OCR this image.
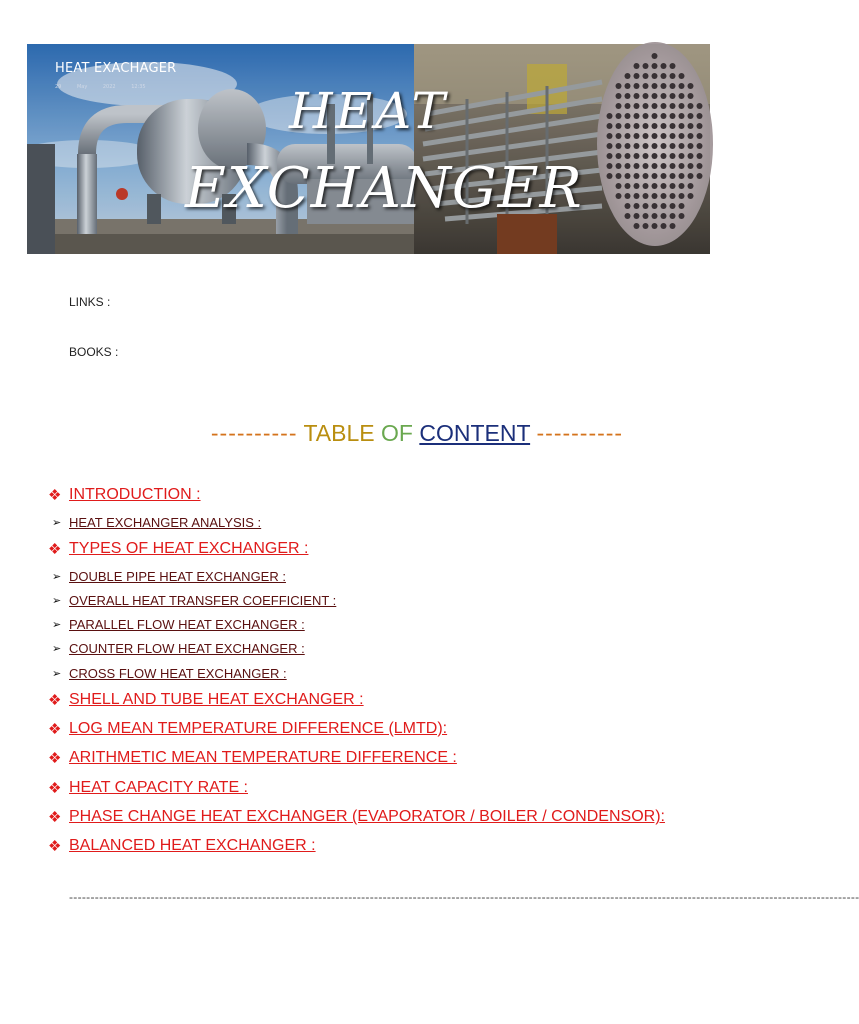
HEAT EXACHAGER
29 May 2022 12:35	HEAT
EXCHANGER
LINKS :
BOOKS :
---------- TABLE OF CONTENT ----------
❖ INTRODUCTION :
➢ HEAT EXCHANGER ANALYSIS :
❖ TYPES OF HEAT EXCHANGER :
➢ DOUBLE PIPE HEAT EXCHANGER :
➢ OVERALL HEAT TRANSFER COEFFICIENT :
➢ PARALLEL FLOW HEAT EXCHANGER :
➢ COUNTER FLOW HEAT EXCHANGER :
➢ CROSS FLOW HEAT EXCHANGER :
❖ SHELL AND TUBE HEAT EXCHANGER :
❖ LOG MEAN TEMPERATURE DIFFERENCE (LMTD):
❖ ARITHMETIC MEAN TEMPERATURE DIFFERENCE :
❖ HEAT CAPACITY RATE :
❖ PHASE CHANGE HEAT EXCHANGER (EVAPORATOR / BOILER / CONDENSOR):
❖ BALANCED HEAT EXCHANGER :
----------------------------------------------------------------------------------------------------------------------------------------------------------------------------------------
